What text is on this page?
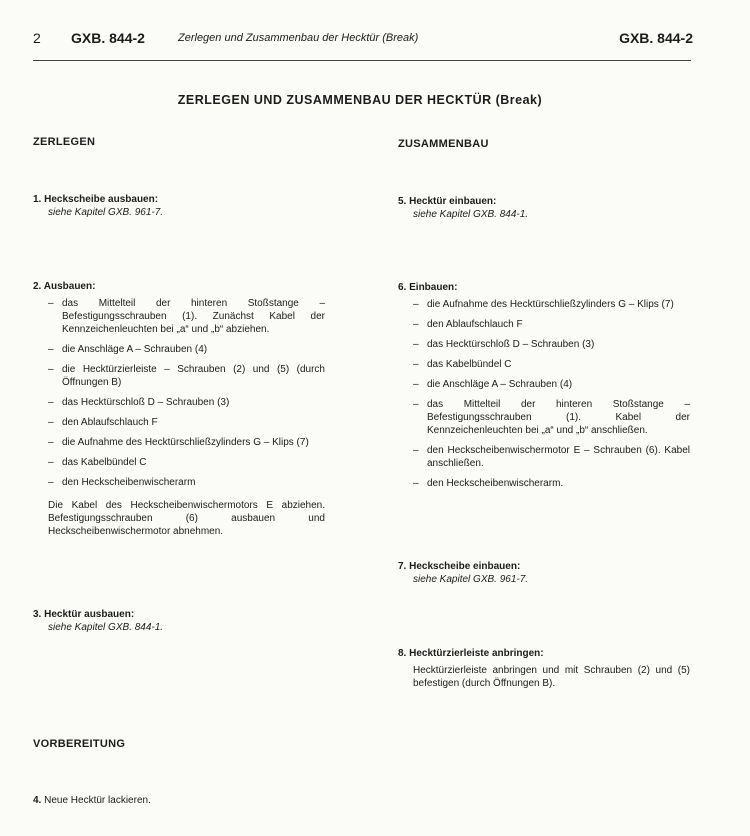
2 GXB. 844-2	Zerlegen und Zusammenbau der Hecktür (Break)	GXB. 844-2
ZERLEGEN UND ZUSAMMENBAU DER HECKTÜR (Break)
ZERLEGEN
1. Heckscheibe ausbauen:
siehe Kapitel GXB. 961-7.
2. Ausbauen:
– das Mittelteil der hinteren Stoßstange – Befestigungsschrauben (1). Zunächst Kabel der Kennzeichenleuchten bei „a“ und „b“ abziehen.
– die Anschläge A – Schrauben (4)
– die Hecktürzierleiste – Schrauben (2) und (5) (durch Öffnungen B)
– das Hecktürschloß D – Schrauben (3)
– den Ablaufschlauch F
– die Aufnahme des Hecktürschließzylinders G – Klips (7)
– das Kabelbündel C
– den Heckscheibenwischerarm
Die Kabel des Heckscheibenwischermotors E abziehen. Befestigungsschrauben (6) ausbauen und Heckscheibenwischermotor abnehmen.
3. Hecktür ausbauen:
siehe Kapitel GXB. 844-1.
VORBEREITUNG
4. Neue Hecktür lackieren.
ZUSAMMENBAU
5. Hecktür einbauen:
siehe Kapitel GXB. 844-1.
6. Einbauen:
– die Aufnahme des Hecktürschließzylinders G – Klips (7)
– den Ablaufschlauch F
– das Hecktürschloß D – Schrauben (3)
– das Kabelbündel C
– die Anschläge A – Schrauben (4)
– das Mittelteil der hinteren Stoßstange – Befestigungsschrauben (1). Kabel der Kennzeichenleuchten bei „a“ und „b“ anschließen.
– den Heckscheibenwischermotor E – Schrauben (6). Kabel anschließen.
– den Heckscheibenwischerarm.
7. Heckscheibe einbauen:
siehe Kapitel GXB. 961-7.
8. Hecktürzierleiste anbringen:
Hecktürzierleiste anbringen und mit Schrauben (2) und (5) befestigen (durch Öffnungen B).
